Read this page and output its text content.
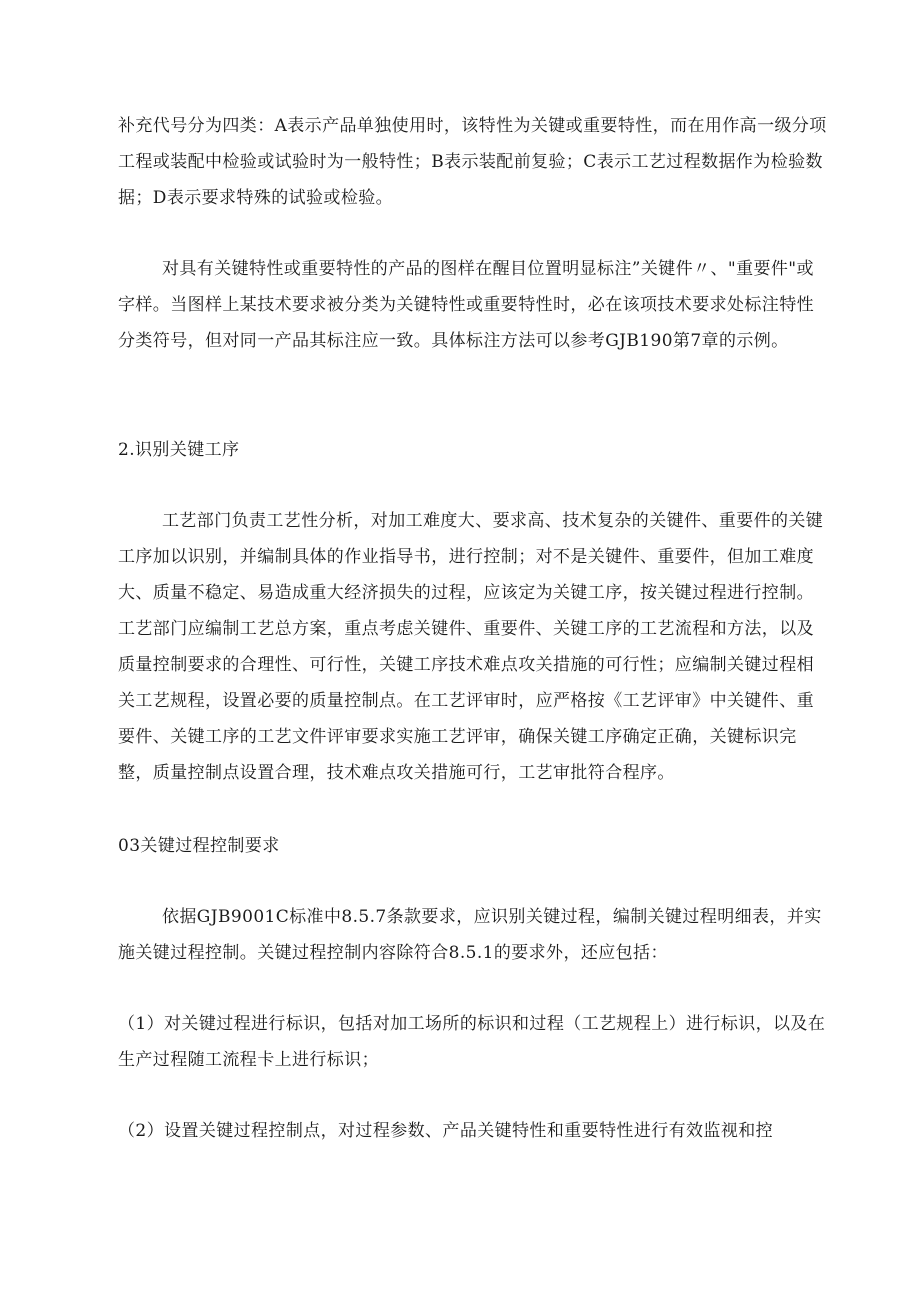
补充代号分为四类：A表示产品单独使用时，该特性为关键或重要特性，而在用作高一级分项工程或装配中检验或试验时为一般特性；B表示装配前复验；C表示工艺过程数据作为检验数据；D表示要求特殊的试验或检验。

对具有关键特性或重要特性的产品的图样在醒目位置明显标注”关键件〃、"重要件"或字样。当图样上某技术要求被分类为关键特性或重要特性时，必在该项技术要求处标注特性分类符号，但对同一产品其标注应一致。具体标注方法可以参考GJB190第7章的示例。

2.识别关键工序

工艺部门负责工艺性分析，对加工难度大、要求高、技术复杂的关键件、重要件的关键工序加以识别，并编制具体的作业指导书，进行控制；对不是关键件、重要件，但加工难度大、质量不稳定、易造成重大经济损失的过程，应该定为关键工序，按关键过程进行控制。工艺部门应编制工艺总方案，重点考虑关键件、重要件、关键工序的工艺流程和方法，以及质量控制要求的合理性、可行性，关键工序技术难点攻关措施的可行性；应编制关键过程相关工艺规程，设置必要的质量控制点。在工艺评审时，应严格按《工艺评审》中关键件、重要件、关键工序的工艺文件评审要求实施工艺评审，确保关键工序确定正确，关键标识完整，质量控制点设置合理，技术难点攻关措施可行，工艺审批符合程序。

03关键过程控制要求

依据GJB9001C标准中8.5.7条款要求，应识别关键过程，编制关键过程明细表，并实施关键过程控制。关键过程控制内容除符合8.5.1的要求外，还应包括：

（1）对关键过程进行标识，包括对加工场所的标识和过程（工艺规程上）进行标识，以及在生产过程随工流程卡上进行标识；

（2）设置关键过程控制点，对过程参数、产品关键特性和重要特性进行有效监视和控
